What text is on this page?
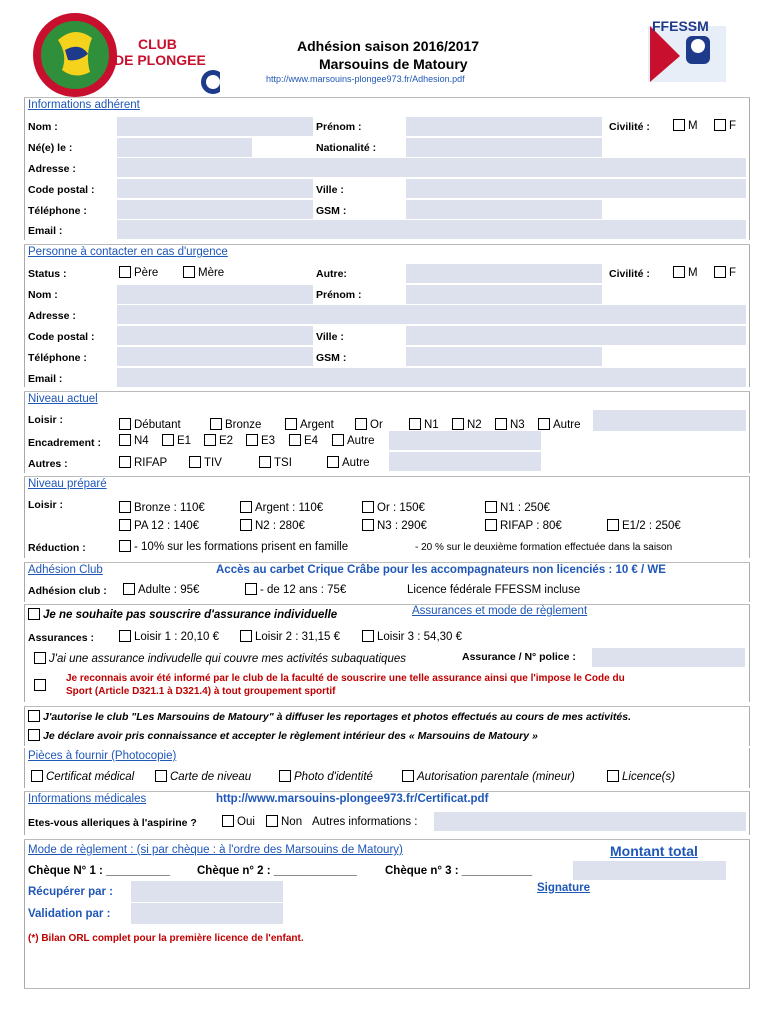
CLUB
DE PLONGEE
Adhésion saison 2016/2017
Marsouins de Matoury
http://www.marsouins-plongee973.fr/Adhesion.pdf
FFESSM
Informations adhérent
Nom :	Prénom :	Civilité :	M	F
Né(e) le :	Nationalité :
Adresse :
Code postal :	Ville :
Téléphone :	GSM :
Email :
Personne à contacter en cas d'urgence
Status :	Père	Mère	Autre:	Civilité :	M	F
Nom :	Prénom :
Adresse :
Code postal :	Ville :
Téléphone :	GSM :
Email :
Niveau actuel
Loisir :	Débutant	Bronze	Argent	Or	N1	N2	N3	Autre
Encadrement :	N4	E1	E2	E3	E4	Autre
Autres :	RIFAP	TIV	TSI	Autre
Niveau préparé
Loisir :	Bronze : 110€	Argent : 110€	Or : 150€	N1 : 250€
PA 12 : 140€	N2 : 280€	N3 : 290€	RIFAP : 80€	E1/2 : 250€
Réduction :	- 10% sur les formations prisent en famille	- 20 % sur le deuxième formation effectuée dans la saison
Adhésion Club	Accès au carbet Crique Crâbe pour les accompagnateurs non licenciés : 10 € / WE
Adhésion club :	Adulte : 95€	- de 12 ans : 75€	Licence fédérale FFESSM incluse
Je ne souhaite pas souscrire d'assurance individuelle	Assurances et mode de règlement
Assurances :	Loisir 1 : 20,10 €	Loisir 2 : 31,15 €	Loisir 3 : 54,30 €
J'ai une assurance indivudelle qui couvre mes activités subaquatiques	Assurance / N° police :
Je reconnais avoir été informé par le club de la faculté de souscrire une telle assurance ainsi que l'impose le Code du
Sport (Article D321.1 à D321.4) à tout groupement sportif
J'autorise le club "Les Marsouins de Matoury" à diffuser les reportages et photos effectués au cours de mes activités.
Je déclare avoir pris connaissance et accepter le règlement intérieur des « Marsouins de Matoury »
Pièces à fournir (Photocopie)
Certificat médical	Carte de niveau	Photo d'identité	Autorisation parentale (mineur)	Licence(s)
Informations médicales	http://www.marsouins-plongee973.fr/Certificat.pdf
Etes-vous alleriques à l'aspirine ?	Oui	Non Autres informations :
Mode de règlement : (si par chèque : à l'ordre des Marsouins de Matoury)	Montant total
Chèque N° 1 : __________ Chèque n° 2 : _____________ Chèque n° 3 : ___________
Récupérer par :	Signature
Validation par :
(*) Bilan ORL complet pour la première licence de l'enfant.
